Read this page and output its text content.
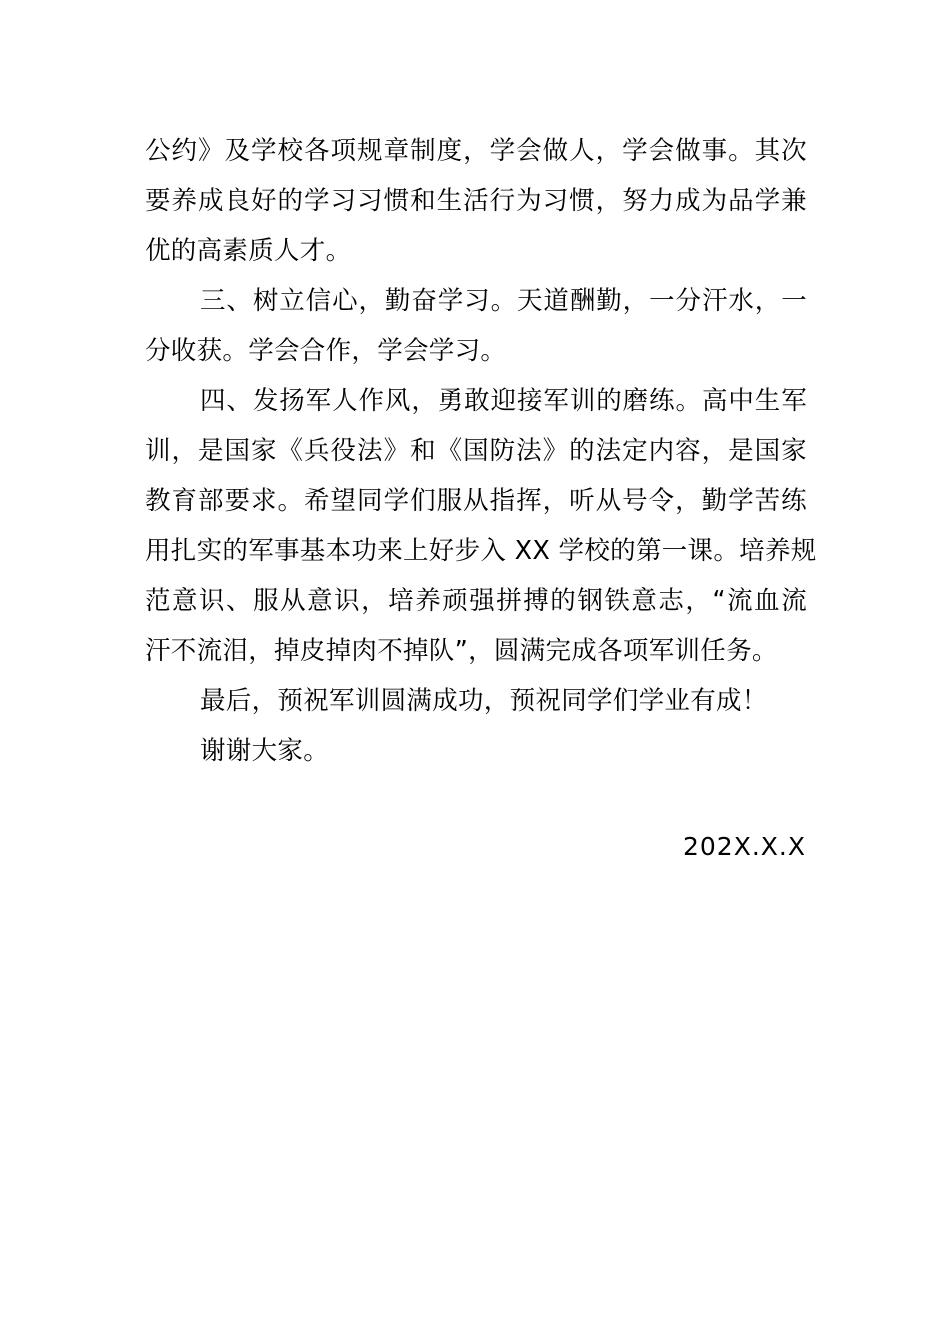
公约》及学校各项规章制度，学会做人，学会做事。其次
要养成良好的学习习惯和生活行为习惯，努力成为品学兼
优的高素质人才。
三、树立信心，勤奋学习。天道酬勤，一分汗水，一
分收获。学会合作，学会学习。
四、发扬军人作风，勇敢迎接军训的磨练。高中生军
训，是国家《兵役法》和《国防法》的法定内容，是国家
教育部要求。希望同学们服从指挥，听从号令，勤学苦练
用扎实的军事基本功来上好步入 XX 学校的第一课。培养规
范意识、服从意识，培养顽强拼搏的钢铁意志，“流血流
汗不流泪，掉皮掉肉不掉队”，圆满完成各项军训任务。
最后，预祝军训圆满成功，预祝同学们学业有成！
谢谢大家。
202X.X.X
